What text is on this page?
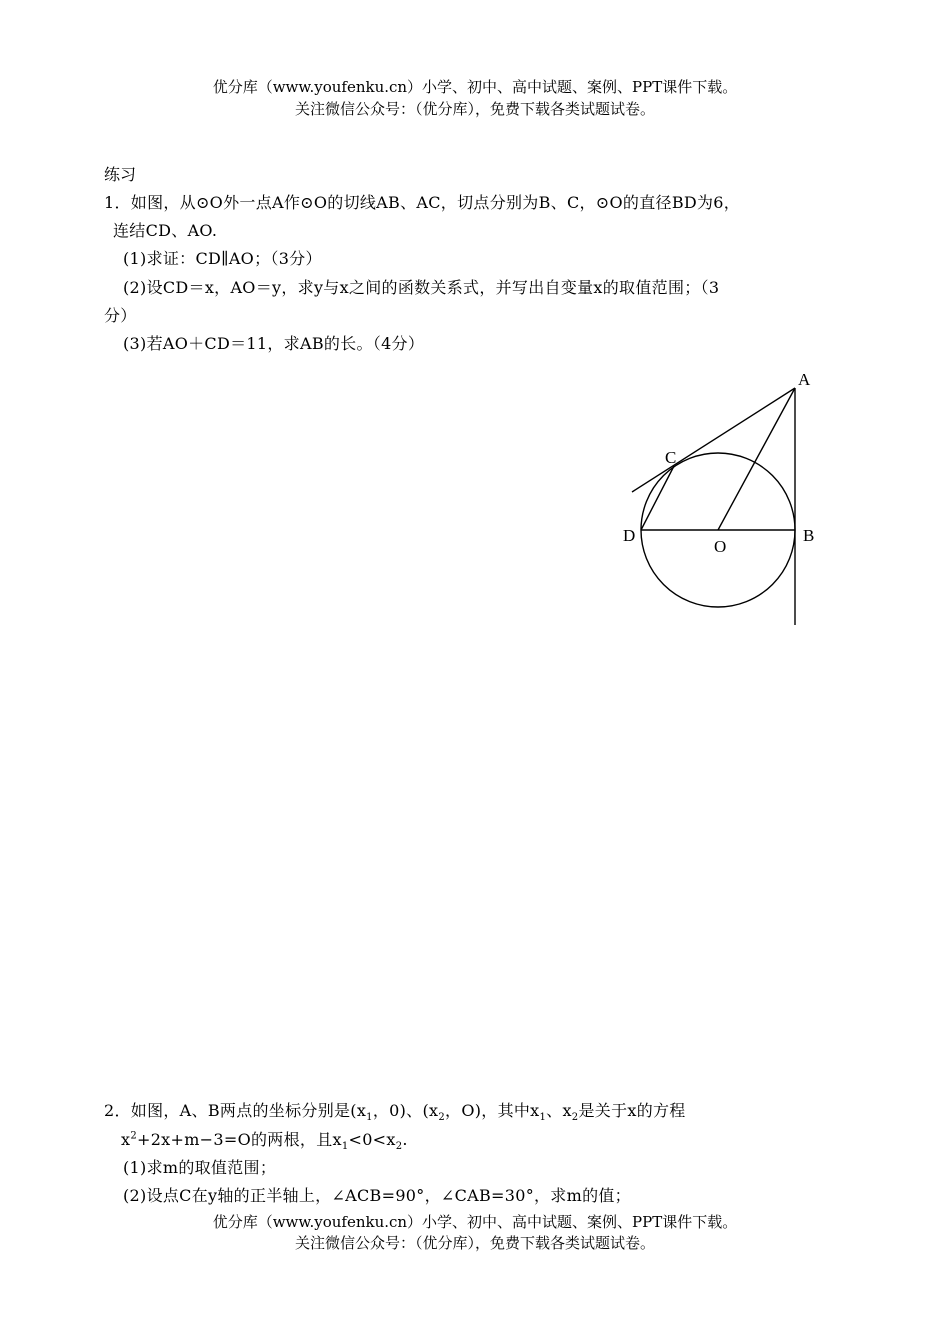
优分库（www.youfenku.cn）小学、初中、高中试题、案例、PPT课件下载。
关注微信公众号：（优分库），免费下载各类试题试卷。
练习
1．如图，从⊙O外一点A作⊙O的切线AB、AC，切点分别为B、C，⊙O的直径BD为6，
连结CD、AO.
(1)求证：CD∥AO；（3分）
(2)设CD＝x，AO＝y，求y与x之间的函数关系式，并写出自变量x的取值范围；（3
分）
(3)若AO＋CD＝11，求AB的长。（4分）
A
B
C
D
O
2．如图，A、B两点的坐标分别是($x_1$，0)、($x_2$，O)，其中$x_1$、$x_2$是关于x的方程
$x^2+2x+m-3=O$的两根，且$x_1<0<x_2$.
(1)求m的取值范围；
(2)设点C在y轴的正半轴上，∠ACB=90°，∠CAB=30°，求m的值；
优分库（www.youfenku.cn）小学、初中、高中试题、案例、PPT课件下载。
关注微信公众号：（优分库），免费下载各类试题试卷。
